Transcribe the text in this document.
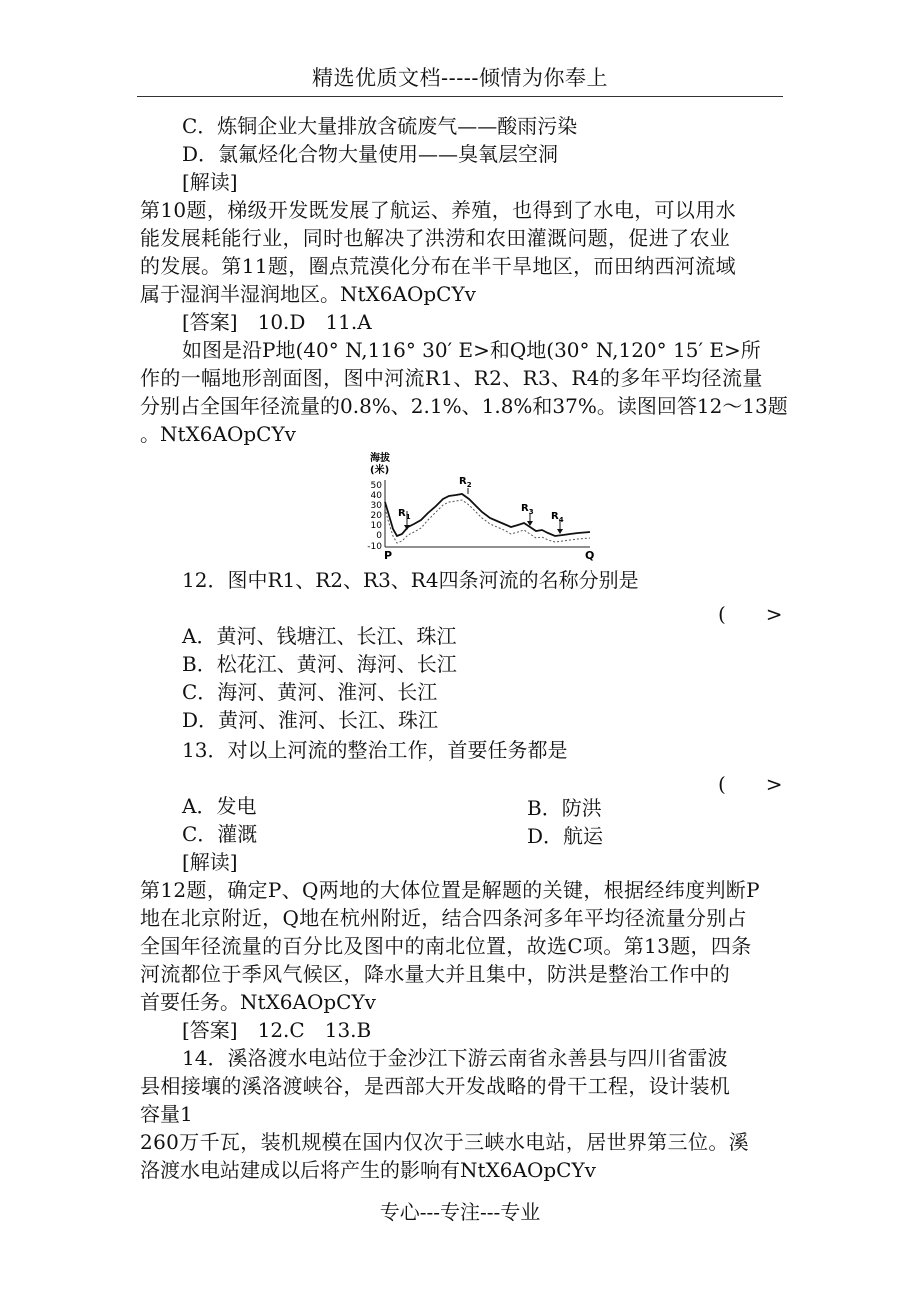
精选优质文档-----倾情为你奉上
C．炼铜企业大量排放含硫废气——酸雨污染
D．氯氟烃化合物大量使用——臭氧层空洞
[解读]
第10题，梯级开发既发展了航运、养殖，也得到了水电，可以用水
能发展耗能行业，同时也解决了洪涝和农田灌溉问题，促进了农业
的发展。第11题，圈点荒漠化分布在半干旱地区，而田纳西河流域
属于湿润半湿润地区。NtX6AOpCYv
[答案]　10.D　11.A
如图是沿P地(40° N,116° 30′ E>和Q地(30° N,120° 15′ E>所
作的一幅地形剖面图，图中河流R1、R2、R3、R4的多年平均径流量
分别占全国年径流量的0.8%、2.1%、1.8%和37%。读图回答12～13题
。NtX6AOpCYv
海拔
(米)
50
40
30
20
10
0
-10
$R_1$
$R_2$
$R_3$ $R_4$
P	Q
12．图中R1、R2、R3、R4四条河流的名称分别是
(　　>
A．黄河、钱塘江、长江、珠江
B．松花江、黄河、海河、长江
C．海河、黄河、淮河、长江
D．黄河、淮河、长江、珠江
13．对以上河流的整治工作，首要任务都是
(　　>
A．发电	B．防洪
C．灌溉	D．航运
[解读]
第12题，确定P、Q两地的大体位置是解题的关键，根据经纬度判断P
地在北京附近，Q地在杭州附近，结合四条河多年平均径流量分别占
全国年径流量的百分比及图中的南北位置，故选C项。第13题，四条
河流都位于季风气候区，降水量大并且集中，防洪是整治工作中的
首要任务。NtX6AOpCYv
[答案]　12.C　13.B
14．溪洛渡水电站位于金沙江下游云南省永善县与四川省雷波
县相接壤的溪洛渡峡谷，是西部大开发战略的骨干工程，设计装机
容量1
260万千瓦，装机规模在国内仅次于三峡水电站，居世界第三位。溪
洛渡水电站建成以后将产生的影响有NtX6AOpCYv
专心---专注---专业
